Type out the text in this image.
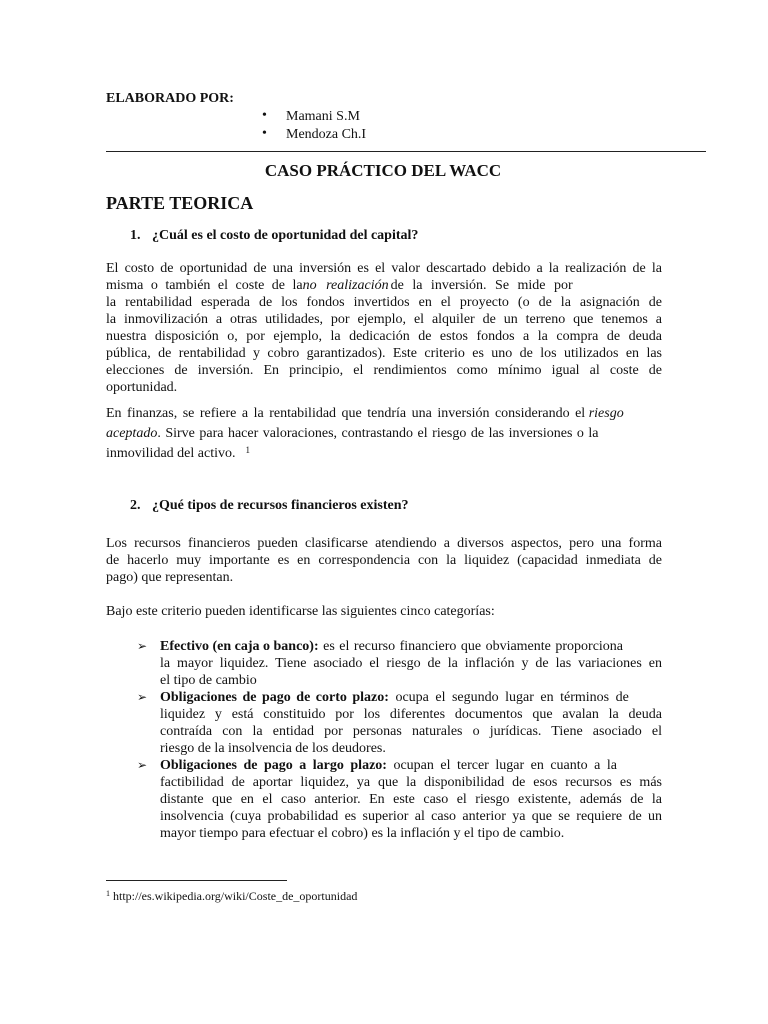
ELABORADO POR:
• Mamani S.M
• Mendoza Ch.I
CASO PRÁCTICO DEL WACC
PARTE TEORICA
1. ¿Cuál es el costo de oportunidad del capital?
El costo de oportunidad de una inversión es el valor descartado debido a la realización de la
misma o también el coste de lano realización de la inversión. Se mide por
la rentabilidad esperada de los fondos invertidos en el proyecto (o de la asignación de
la inmovilización a otras utilidades, por ejemplo, el alquiler de un terreno que tenemos a
nuestra disposición o, por ejemplo, la dedicación de estos fondos a la compra de deuda
pública, de rentabilidad y cobro garantizados). Este criterio es uno de los utilizados en las
elecciones de inversión. En principio, el rendimientos como mínimo igual al coste de
oportunidad.
En finanzas, se refiere a la rentabilidad que tendría una inversión considerando el riesgo
aceptado. Sirve para hacer valoraciones, contrastando el riesgo de las inversiones o la
inmovilidad del activo. $^1$
2. ¿Qué tipos de recursos financieros existen?
Los recursos financieros pueden clasificarse atendiendo a diversos aspectos, pero una forma
de hacerlo muy importante es en correspondencia con la liquidez (capacidad inmediata de
pago) que representan.
Bajo este criterio pueden identificarse las siguientes cinco categorías:
➢ Efectivo (en caja o banco): es el recurso financiero que obviamente proporciona
la mayor liquidez. Tiene asociado el riesgo de la inflación y de las variaciones en
el tipo de cambio
➢ Obligaciones de pago de corto plazo: ocupa el segundo lugar en términos de
liquidez y está constituido por los diferentes documentos que avalan la deuda
contraída con la entidad por personas naturales o jurídicas. Tiene asociado el
riesgo de la insolvencia de los deudores.
➢ Obligaciones de pago a largo plazo: ocupan el tercer lugar en cuanto a la
factibilidad de aportar liquidez, ya que la disponibilidad de esos recursos es más
distante que en el caso anterior. En este caso el riesgo existente, además de la
insolvencia (cuya probabilidad es superior al caso anterior ya que se requiere de un
mayor tiempo para efectuar el cobro) es la inflación y el tipo de cambio.
$^1$ http://es.wikipedia.org/wiki/Coste_de_oportunidad
